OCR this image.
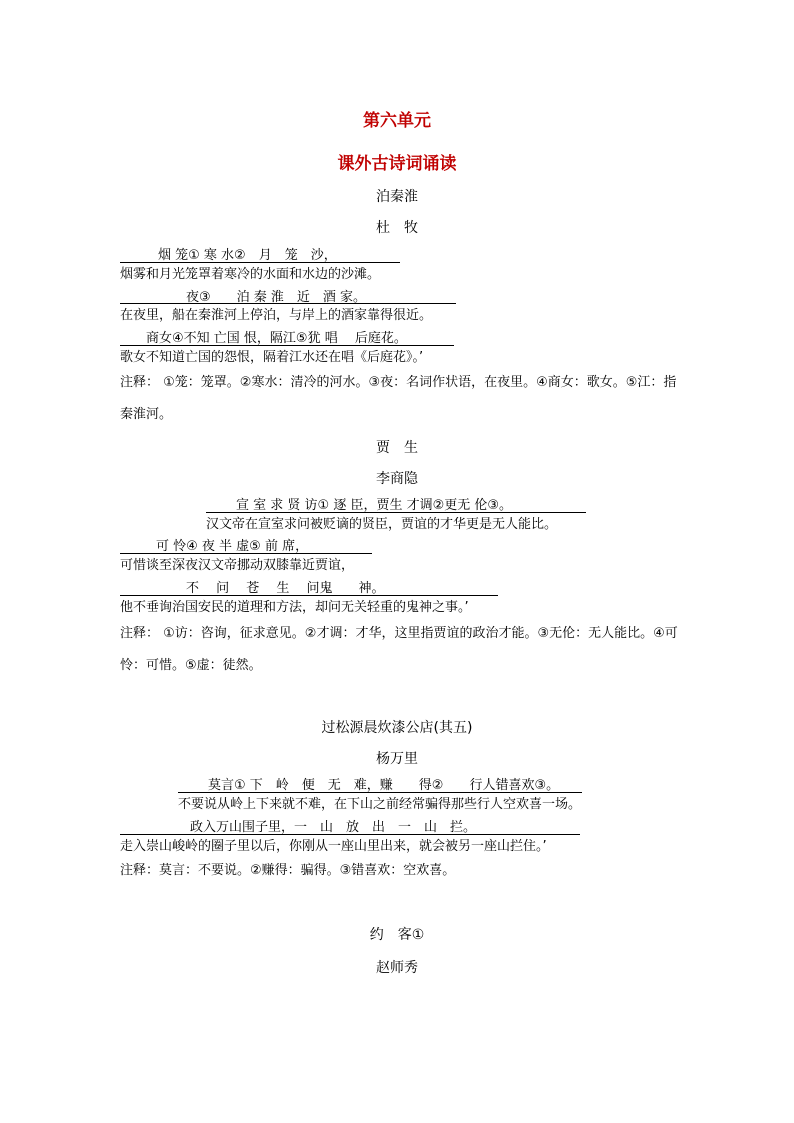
第六单元
课外古诗词诵读
泊秦淮
杜　牧
烟 笼① 寒 水②　月　笼　沙，
烟雾和月光笼罩着寒冷的水面和水边的沙滩。
夜③　　泊 秦 淮　近　酒 家。
在夜里，船在秦淮河上停泊，与岸上的酒家靠得很近。
商女④不知 亡国 恨，隔江⑤犹 唱　 后庭花。
歌女不知道亡国的怨恨，隔着江水还在唱《后庭花》。’
注释： ①笼：笼罩。②寒水：清冷的河水。③夜：名词作状语，在夜里。④商女：歌女。⑤江：指秦淮河。
贾　生
李商隐
宣 室 求 贤 访① 逐 臣，贾生 才调②更无 伦③。
汉文帝在宣室求问被贬谪的贤臣，贾谊的才华更是无人能比。
可 怜④ 夜 半 虚⑤ 前 席，
可惜谈至深夜汉文帝挪动双膝靠近贾谊，
不　 问　 苍　 生　 问鬼　　神。
他不垂询治国安民的道理和方法，却问无关轻重的鬼神之事。’
注释： ①访：咨询，征求意见。②才调：才华，这里指贾谊的政治才能。③无伦：无人能比。④可怜：可惜。⑤虚：徒然。
过松源晨炊漆公店(其五)
杨万里
莫言① 下　岭　便　无　难，赚　　得②　　行人错喜欢③。
不要说从岭上下来就不难，在下山之前经常骗得那些行人空欢喜一场。
政入万山围子里，一　山　放　出　一　山　拦。
走入崇山峻岭的圈子里以后，你刚从一座山里出来，就会被另一座山拦住。’
注释：莫言：不要说。②赚得：骗得。③错喜欢：空欢喜。
约　客①
赵师秀
